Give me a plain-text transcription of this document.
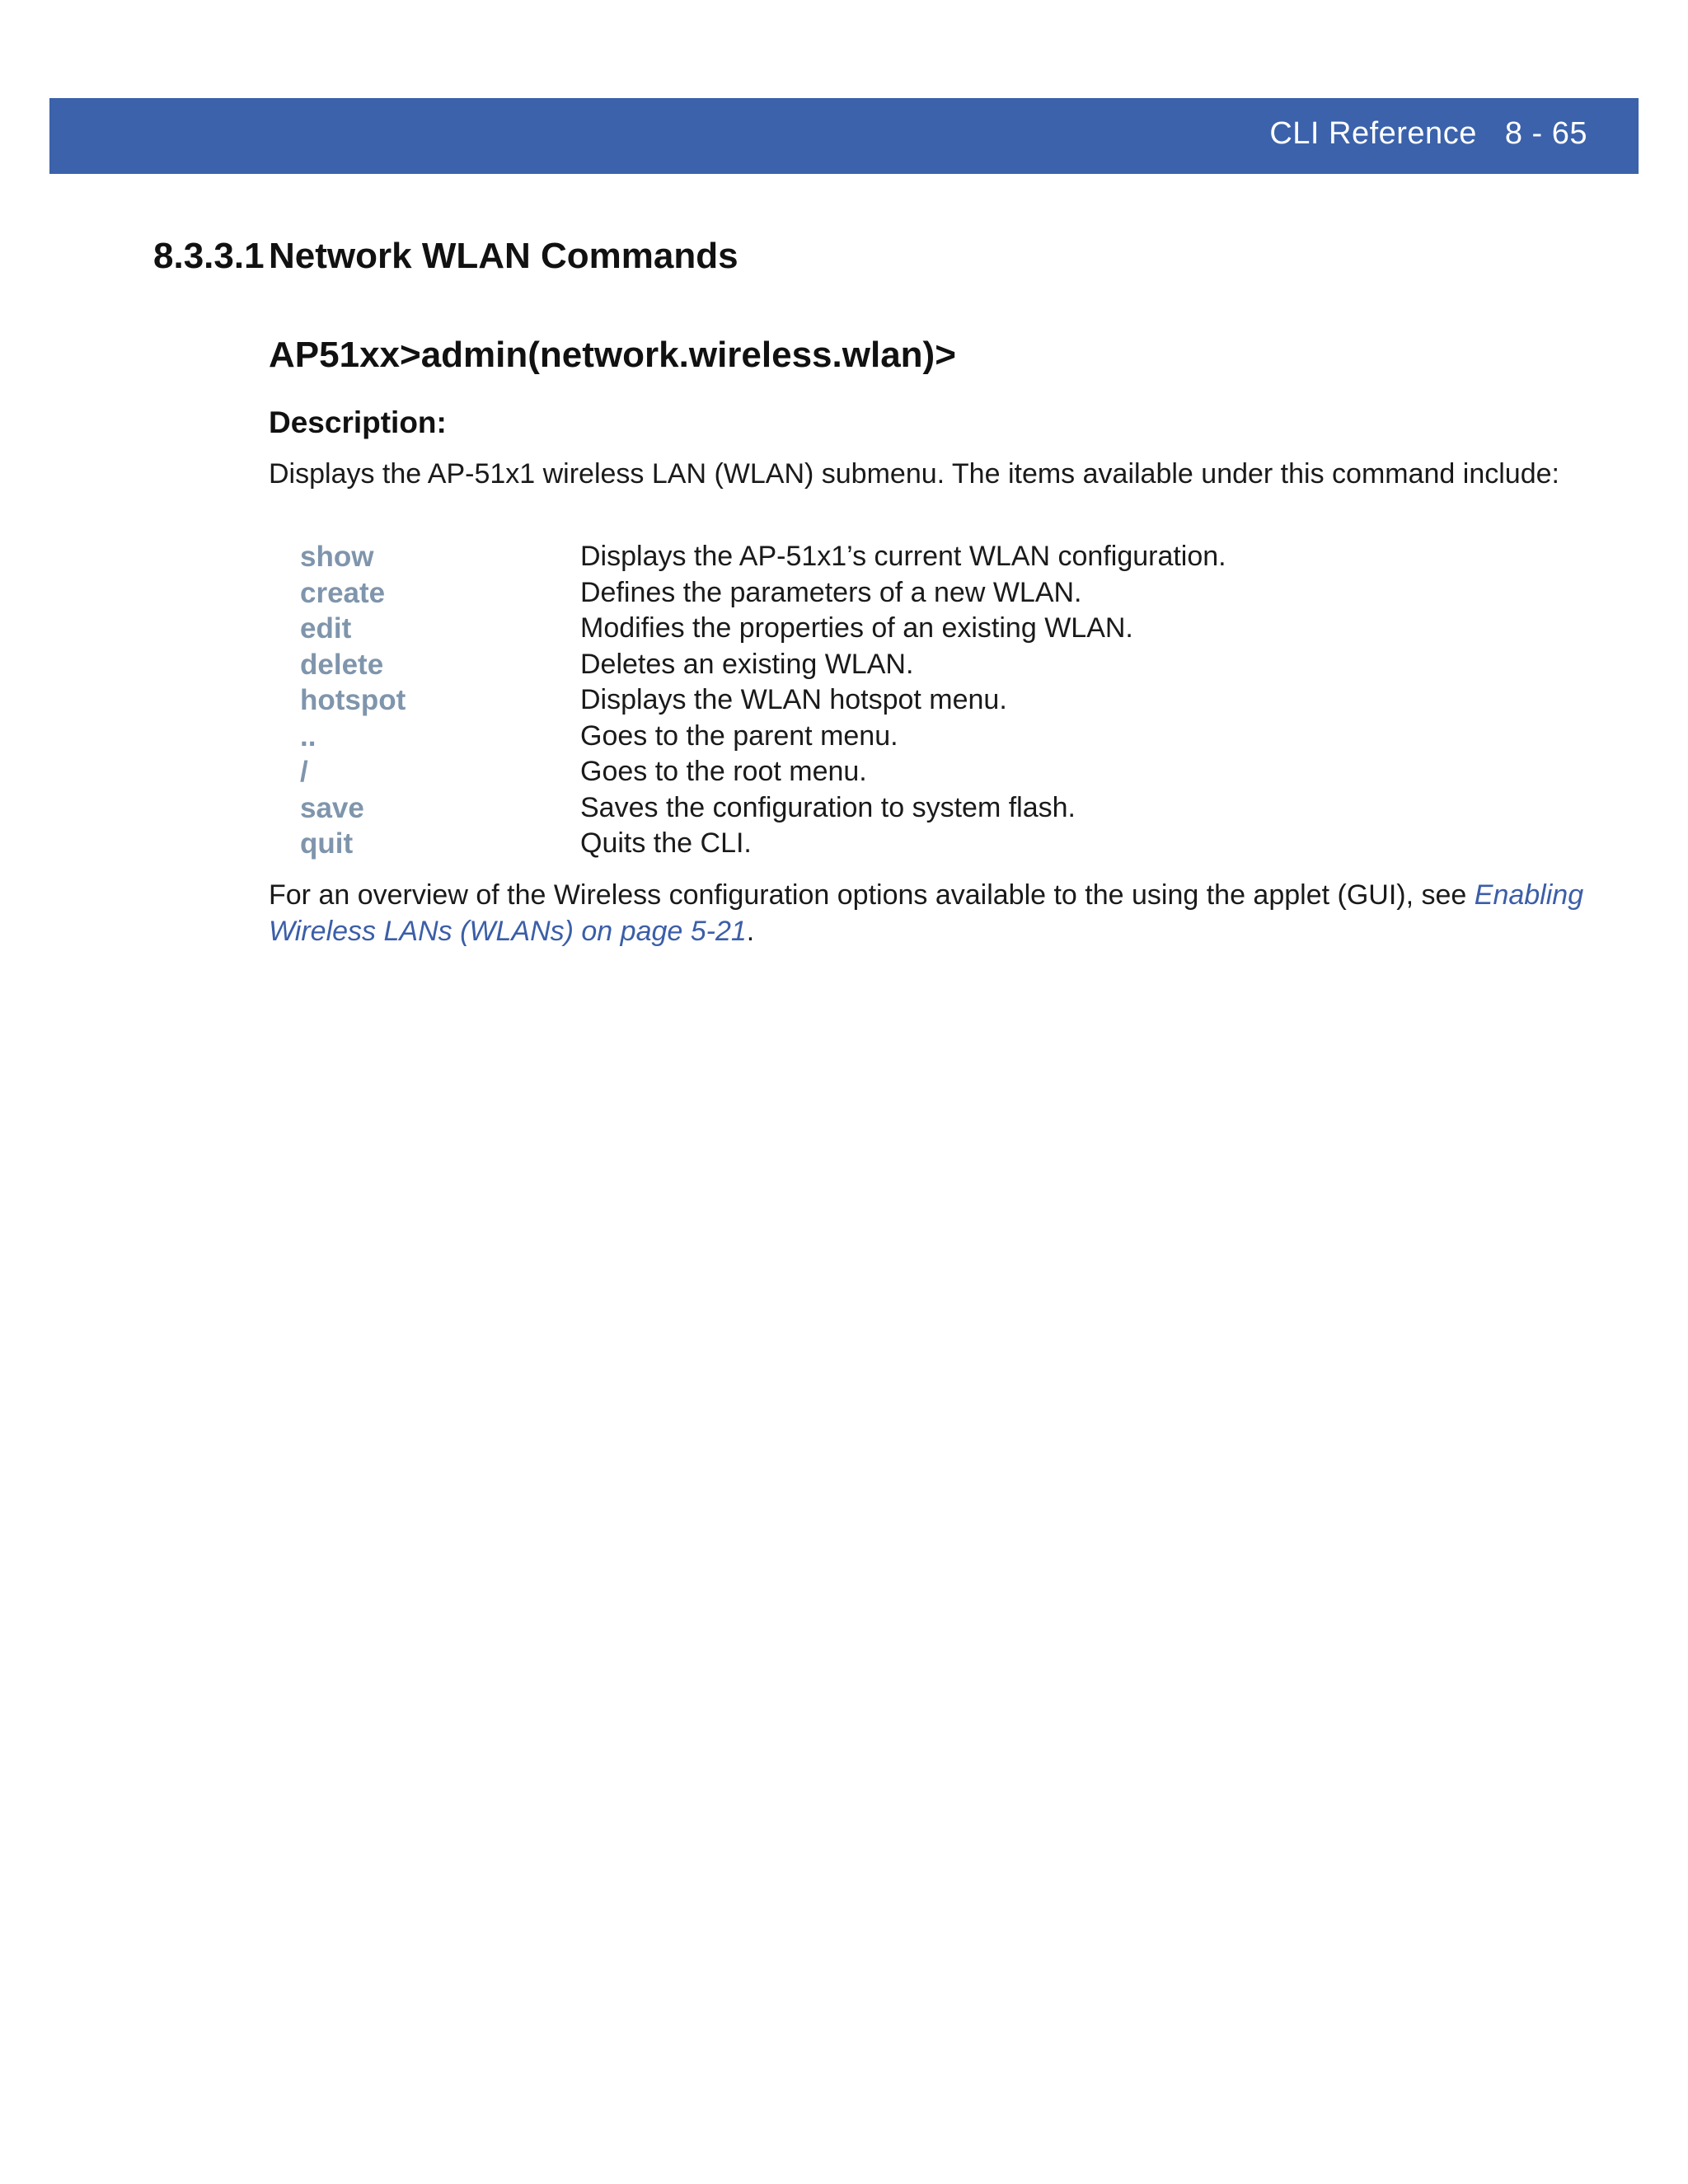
CLI Reference 8 - 65
8.3.3.1 Network WLAN Commands
AP51xx>admin(network.wireless.wlan)>
Description:
Displays the AP-51x1 wireless LAN (WLAN) submenu. The items available under this command include:
show	Displays the AP-51x1’s current WLAN configuration.
create	Defines the parameters of a new WLAN.
edit	Modifies the properties of an existing WLAN.
delete	Deletes an existing WLAN.
hotspot	Displays the WLAN hotspot menu.
..	Goes to the parent menu.
/	Goes to the root menu.
save	Saves the configuration to system flash.
quit	Quits the CLI.
For an overview of the Wireless configuration options available to the using the applet (GUI), see Enabling Wireless LANs (WLANs) on page 5-21.
